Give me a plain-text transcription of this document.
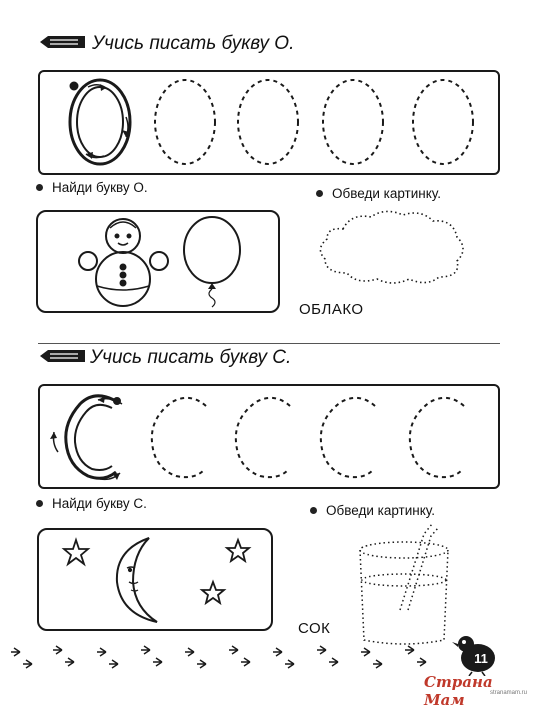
Учись писать букву О.
Найди букву О.	Обведи картинку.
ОБЛАКО
Учись писать букву С.
Найди букву С.	Обведи картинку.
СОК
11
Страна Мам	stranamam.ru
